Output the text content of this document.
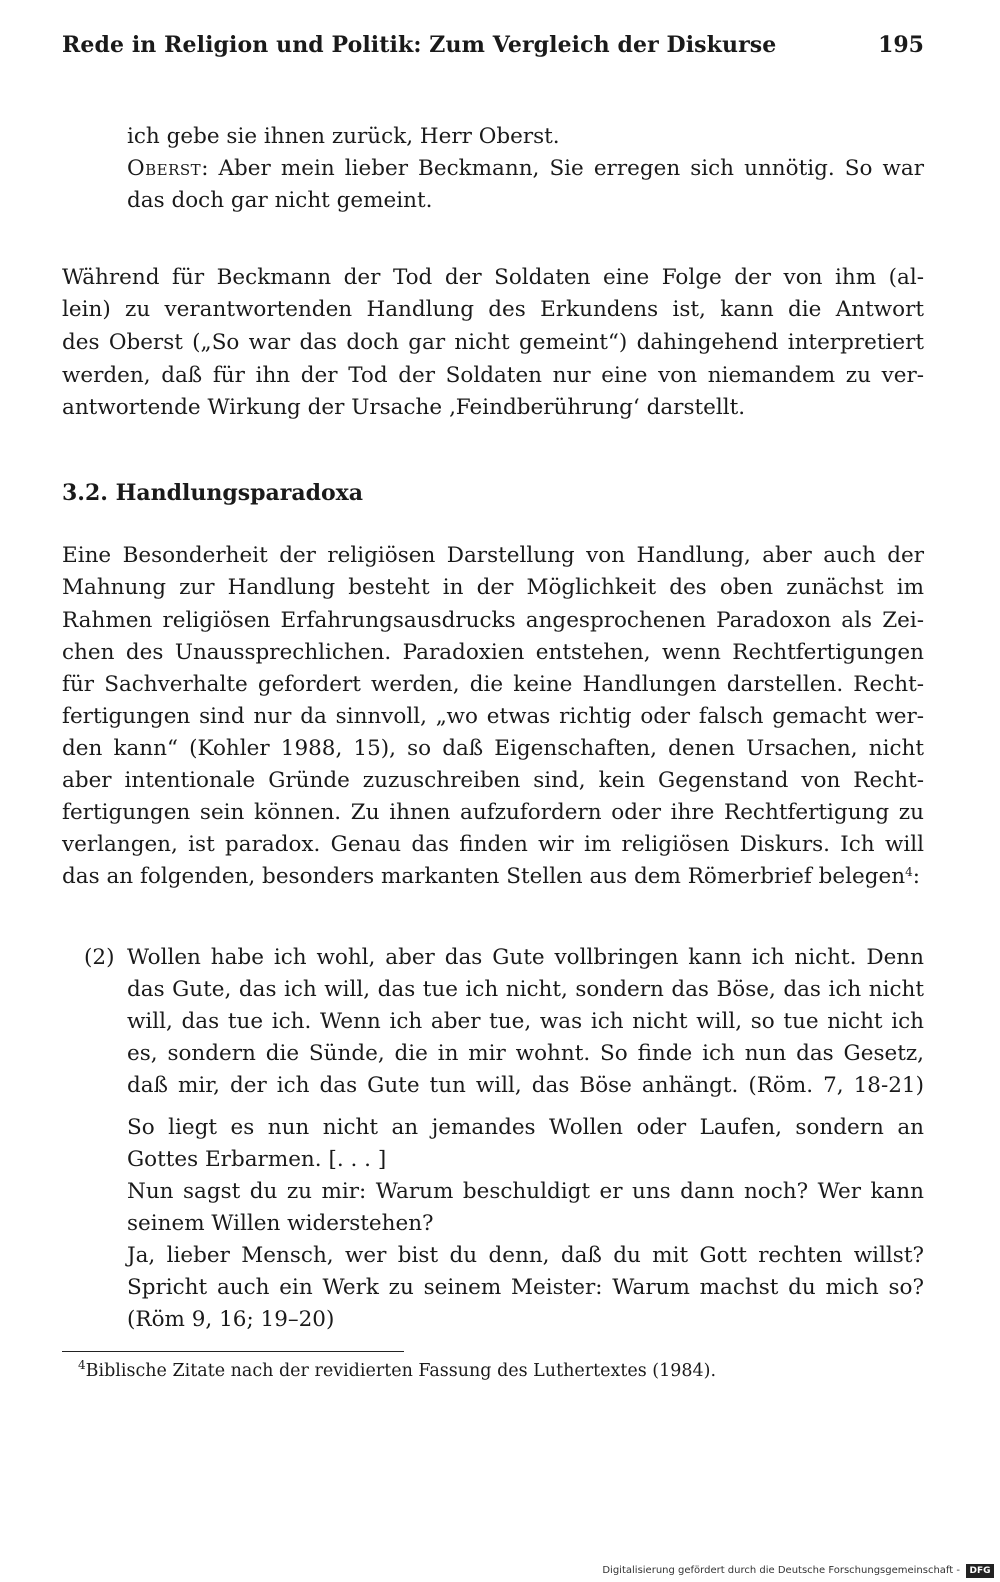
Rede in Religion und Politik: Zum Vergleich der Diskurse	195
ich gebe sie ihnen zurück, Herr Oberst.
Oberst: Aber mein lieber Beckmann, Sie erregen sich unnötig. So war
das doch gar nicht gemeint.
Während für Beckmann der Tod der Soldaten eine Folge der von ihm (al-
lein) zu verantwortenden Handlung des Erkundens ist, kann die Antwort
des Oberst („So war das doch gar nicht gemeint“) dahingehend interpretiert
werden, daß für ihn der Tod der Soldaten nur eine von niemandem zu ver-
antwortende Wirkung der Ursache ‚Feindberührung‘ darstellt.
3.2. Handlungsparadoxa
Eine Besonderheit der religiösen Darstellung von Handlung, aber auch der
Mahnung zur Handlung besteht in der Möglichkeit des oben zunächst im
Rahmen religiösen Erfahrungsausdrucks angesprochenen Paradoxon als Zei-
chen des Unaussprechlichen. Paradoxien entstehen, wenn Rechtfertigungen
für Sachverhalte gefordert werden, die keine Handlungen darstellen. Recht-
fertigungen sind nur da sinnvoll, „wo etwas richtig oder falsch gemacht wer-
den kann“ (Kohler 1988, 15), so daß Eigenschaften, denen Ursachen, nicht
aber intentionale Gründe zuzuschreiben sind, kein Gegenstand von Recht-
fertigungen sein können. Zu ihnen aufzufordern oder ihre Rechtfertigung zu
verlangen, ist paradox. Genau das finden wir im religiösen Diskurs. Ich will
das an folgenden, besonders markanten Stellen aus dem Römerbrief belegen$^4$:
(2) Wollen habe ich wohl, aber das Gute vollbringen kann ich nicht. Denn
das Gute, das ich will, das tue ich nicht, sondern das Böse, das ich nicht
will, das tue ich. Wenn ich aber tue, was ich nicht will, so tue nicht ich
es, sondern die Sünde, die in mir wohnt. So finde ich nun das Gesetz,
daß mir, der ich das Gute tun will, das Böse anhängt. (Röm. 7, 18-21)
So liegt es nun nicht an jemandes Wollen oder Laufen, sondern an
Gottes Erbarmen. [. . . ]
Nun sagst du zu mir: Warum beschuldigt er uns dann noch? Wer kann
seinem Willen widerstehen?
Ja, lieber Mensch, wer bist du denn, daß du mit Gott rechten willst?
Spricht auch ein Werk zu seinem Meister: Warum machst du mich so?
(Röm 9, 16; 19–20)
$^4$Biblische Zitate nach der revidierten Fassung des Luthertextes (1984).
Digitalisierung gefördert durch die Deutsche Forschungsgemeinschaft -	DFG
